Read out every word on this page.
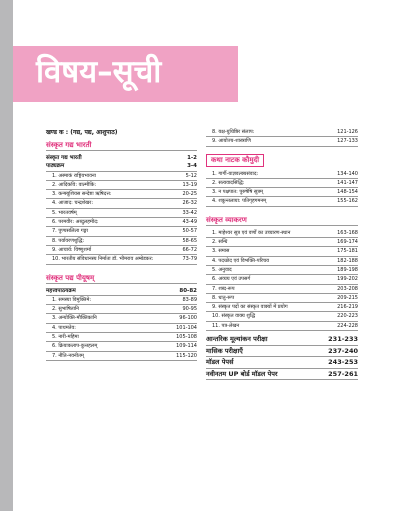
विषय–सूची
खण्ड क : (गद्य, पद्य, आशुपाठ)
संस्कृत गद्य भारती
संस्कृत गद्य भारती	1-2
पाठ्यक्रम	3-4
1. अस्माकं राष्ट्रियभावना	5-12
2. आदिकवि: वाल्मीकि:	13-19
3. कन्फ्यूशियस सन्देष्टा ऋषिदत्त:	20-25
4. आजाद: चन्द्रशेखर:	26-32
5. भारतवर्षम्	33-42
6. परमवीर: अब्दुलहमीद:	43-49
7. पुण्यसलिला गङ्गा	50-57
8. पर्यावरणशुद्धि:	58-65
9. आचार्य: विष्णुशर्मा	66-72
10. भारतीय संविधानस्य निर्माता डॉ. भीमराव अम्बेडकर:	73-79
संस्कृत पद्य पीयूषम्
महत्त्वपाठयक्रम	80-82
1. समस्या विमुक्तिमे:	83-89
2. सुभाषितानि	90-95
3. अन्योक्ति-मौक्तिकानि	96-100
4. पाथमतेव:	101-104
5. नारी-महिमा	105-108
6. क्रियाकलाप-कुत्तहलम्	109-114
7. नीति-नवनीतम्	115-120
8. यक्ष-युधिष्ठिर संलाप:	121-126
9. आयोज्य-शास्त्राणि	127-133
कथा नाटक कौमुदी
1. गार्गी-याज्ञवल्क्यसंवाद:	134-140
2. सत्यवादसिद्धि:	141-147
3. न पक्षपात: पुरुषेषि सूत्रम्	148-154
4. शकुन्तलाया: पतिगृहगमनम्	155-162
संस्कृत व्याकरण
1. माहेश्वर सूत्र एवं वर्णों का उच्चारण-स्थान	163-168
2. सन्धि	169-174
3. समास	175-181
4. पदच्छेद एवं विभक्ति-परिचय	182-188
5. अनुवाद	189-198
6. अव्यय एवं उपसर्ग	199-202
7. शब्द-रूप	203-208
8. धातु-रूप	209-215
9. संस्कृत पदों का संस्कृत वाक्यों में प्रयोग	216-219
10. संस्कृत वाक्य शुद्धि	220-223
11. पत्र-लेखन	224-228
आन्तरिक मूल्यांकन परीक्षा	231-233
मासिक परीक्षाएँ	237-240
मॉडल पेपर्स	243-253
नवीनतम UP बोर्ड मॉडल पेपर	257-261
